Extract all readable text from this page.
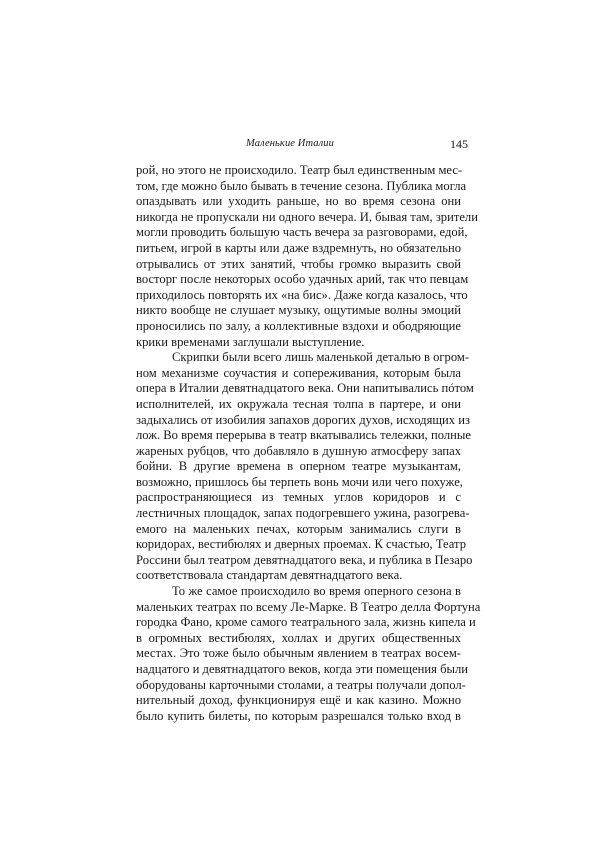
Маленькие Италии	145
рой, но этого не происходило. Театр был единственным мес-
том, где можно было бывать в течение сезона. Публика могла
опаздывать или уходить раньше, но во время сезона они
никогда не пропускали ни одного вечера. И, бывая там, зрители
могли проводить большую часть вечера за разговорами, едой,
питьем, игрой в карты или даже вздремнуть, но обязательно
отрывались от этих занятий, чтобы громко выразить свой
восторг после некоторых особо удачных арий, так что певцам
приходилось повторять их «на бис». Даже когда казалось, что
никто вообще не слушает музыку, ощутимые волны эмоций
проносились по залу, а коллективные вздохи и ободряющие
крики временами заглушали выступление.
Скрипки были всего лишь маленькой деталью в огром-
ном механизме соучастия и сопереживания, которым была
опера в Италии девятнадцатого века. Они напитывались пóтом
исполнителей, их окружала тесная толпа в партере, и они
задыхались от изобилия запахов дорогих духов, исходящих из
лож. Во время перерыва в театр вкатывались тележки, полные
жареных рубцов, что добавляло в душную атмосферу запах
бойни. В другие времена в оперном театре музыкантам,
возможно, пришлось бы терпеть вонь мочи или чего похуже,
распространяющиеся из темных углов коридоров и с
лестничных площадок, запах подогревшего ужина, разогрева-
емого на маленьких печах, которым занимались слуги в
коридорах, вестибюлях и дверных проемах. К счастью, Театр
Россини был театром девятнадцатого века, и публика в Пезаро
соответствовала стандартам девятнадцатого века.
То же самое происходило во время оперного сезона в
маленьких театрах по всему Ле-Марке. В Театро делла Фортуна
городка Фано, кроме самого театрального зала, жизнь кипела и
в огромных вестибюлях, холлах и других общественных
местах. Это тоже было обычным явлением в театрах восем-
надцатого и девятнадцатого веков, когда эти помещения были
оборудованы карточными столами, а театры получали допол-
нительный доход, функционируя ещё и как казино. Можно
было купить билеты, по которым разрешался только вход в
